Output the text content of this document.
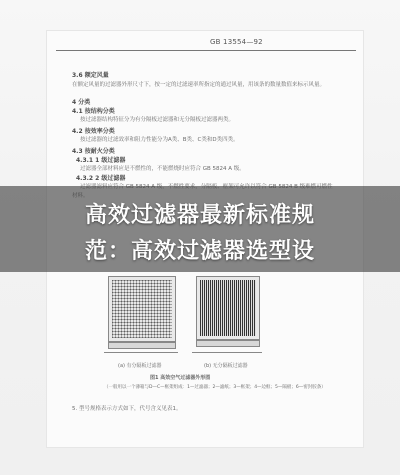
GB 13554—92
3.6 额定风量
在额定风量的过滤器外形尺寸下，按一定的过滤速率所指定的通过风量，用该条的数量数值来标示风量。
4 分类
4.1 按结构分类
按过滤器结构特征分为有分隔板过滤器和无分隔板过滤器两类。
4.2 按效率分类
按过滤器的过滤效率和阻力性能分为A类、B类、C类和D类四类。
4.3 按耐火分类
4.3.1 1 级过滤器
过滤器全部材料应是不燃性的，不能燃烧时应符合 GB 5824 A 级。
4.3.2 2 级过滤器
高效过滤器最新标准规
范：高效过滤器选型设
(a) 有分隔板过滤器	(b) 无分隔板过滤器
图1 高效空气过滤器外形图
（一般用以一个薄箱与D—C—框架组成：1—过滤器；2—滤纸；3—框架；4—边框；5—隔板；6—密封胶条）
5. 型号规格表示方式如下，代号含义见表1。
